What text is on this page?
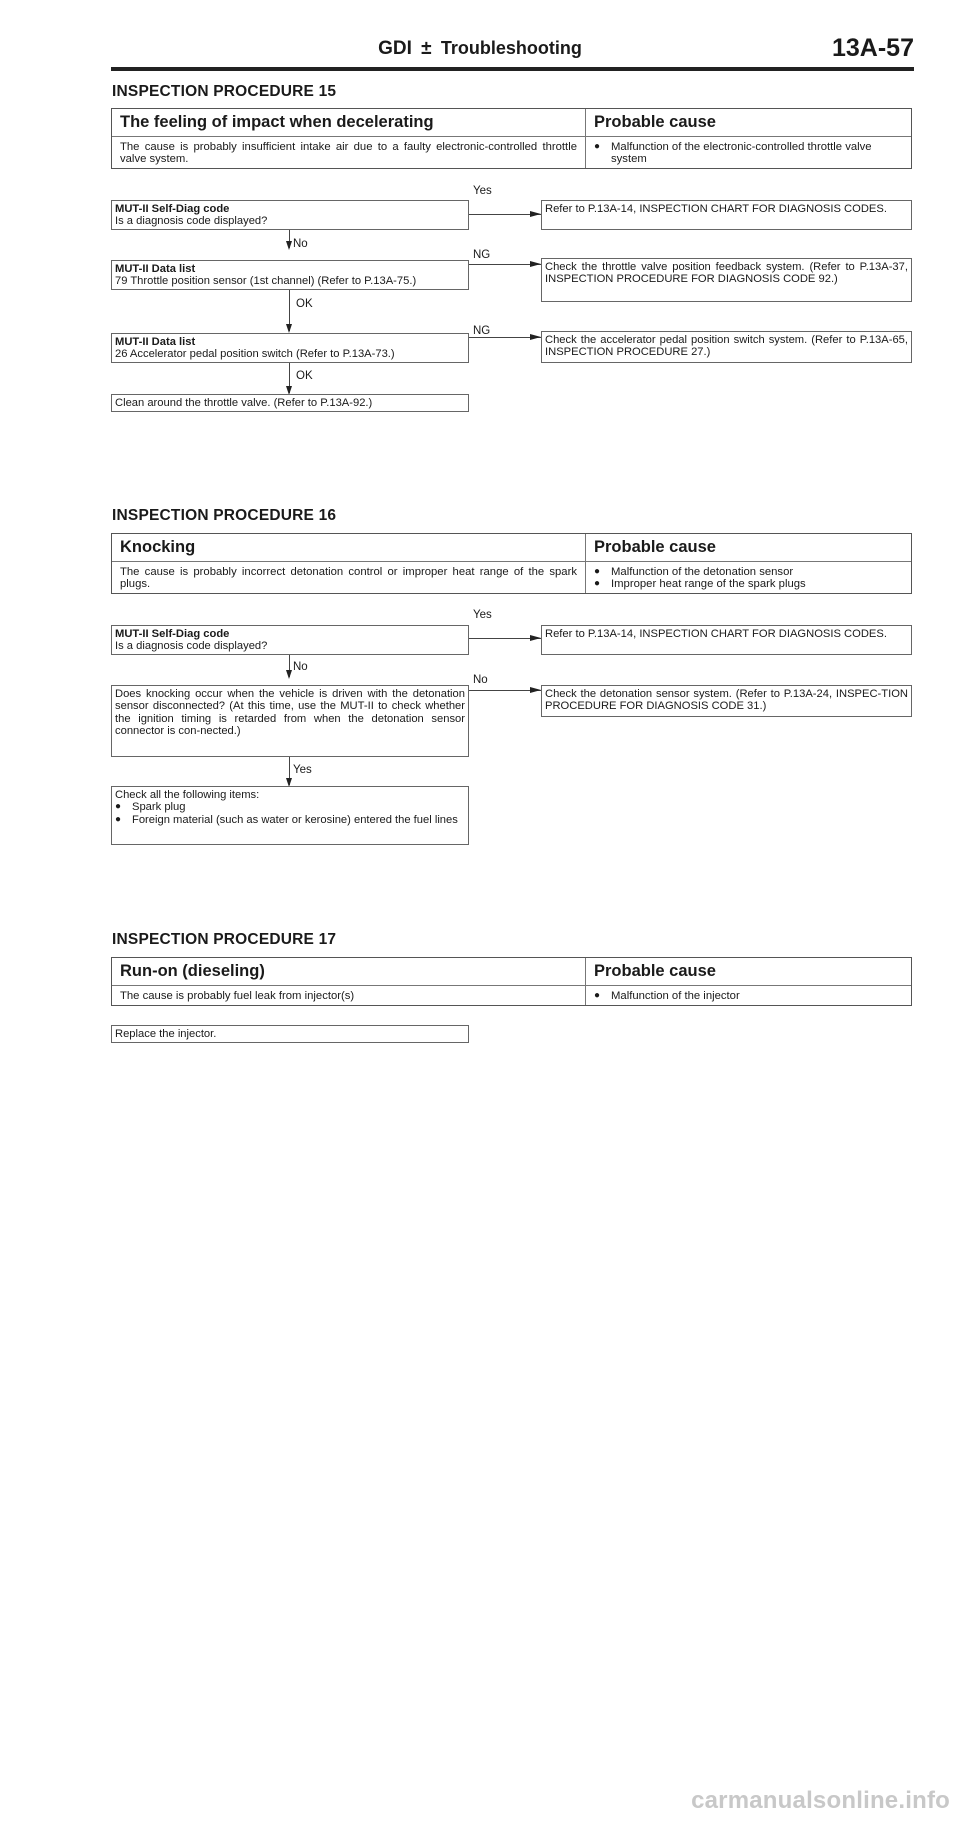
GDI ± Troubleshooting	13A-57
INSPECTION PROCEDURE 15
The feeling of impact when decelerating	Probable cause
The cause is probably insufficient intake air due to a faulty electronic-controlled throttle valve system.
● Malfunction of the electronic-controlled throttle valve system
Yes
MUT-II Self-Diag code
Is a diagnosis code displayed?
Refer to P.13A-14, INSPECTION CHART FOR DIAGNOSIS CODES.
No
NG
MUT-II Data list
79 Throttle position sensor (1st channel) (Refer to P.13A-75.)
Check the throttle valve position feedback system. (Refer to P.13A-37, INSPECTION PROCEDURE FOR DIAGNOSIS CODE 92.)
OK
NG
MUT-II Data list
26 Accelerator pedal position switch (Refer to P.13A-73.)
Check the accelerator pedal position switch system. (Refer to P.13A-65, INSPECTION PROCEDURE 27.)
OK
Clean around the throttle valve. (Refer to P.13A-92.)
INSPECTION PROCEDURE 16
Knocking	Probable cause
The cause is probably incorrect detonation control or improper heat range of the spark plugs.
● Malfunction of the detonation sensor
● Improper heat range of the spark plugs
Yes
MUT-II Self-Diag code
Is a diagnosis code displayed?
Refer to P.13A-14, INSPECTION CHART FOR DIAGNOSIS CODES.
No
No
Does knocking occur when the vehicle is driven with the detonation sensor disconnected? (At this time, use the MUT-II to check whether the ignition timing is retarded from when the detonation sensor connector is con-nected.)
Check the detonation sensor system. (Refer to P.13A-24, INSPEC-TION PROCEDURE FOR DIAGNOSIS CODE 31.)
Yes
Check all the following items:
● Spark plug
● Foreign material (such as water or kerosine) entered the fuel lines
INSPECTION PROCEDURE 17
Run-on (dieseling)	Probable cause
The cause is probably fuel leak from injector(s)	● Malfunction of the injector
Replace the injector.
carmanualsonline.info
